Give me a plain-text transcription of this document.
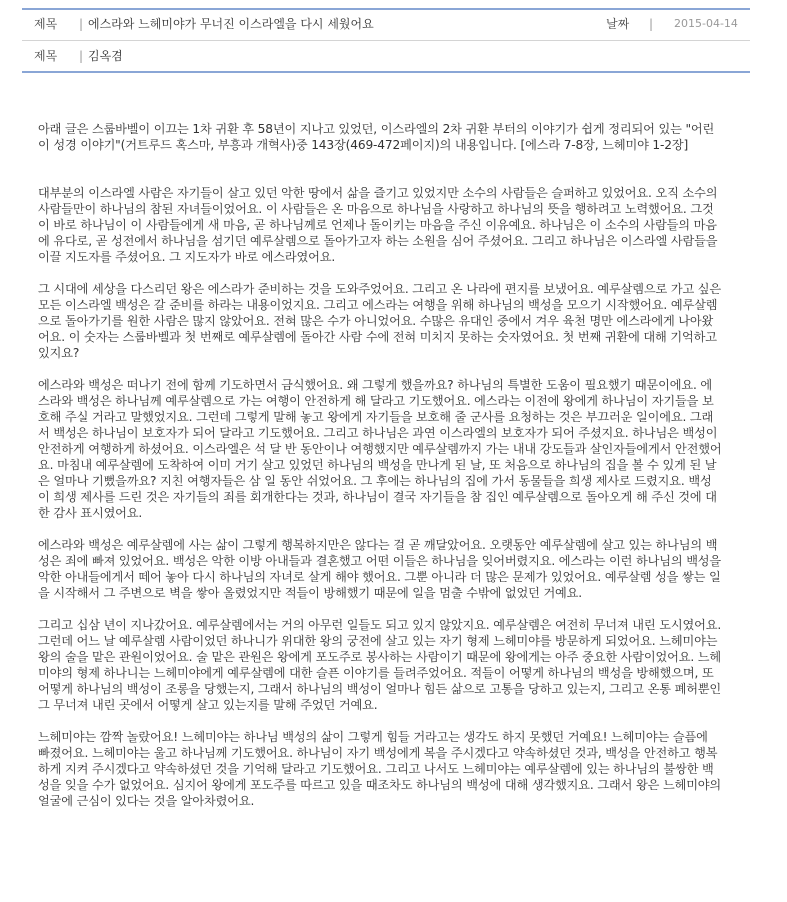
제목 | 에스라와 느헤미야가 무너진 이스라엘을 다시 세웠어요	날짜 | 2015-04-14
제목 | 김옥겸

아래 글은 스룹바벨이 이끄는 1차 귀환 후 58년이 지나고 있었던, 이스라엘의 2차 귀환 부터의 이야기가 쉽게 정리되어 있는 "어린이 성경 이야기"(거트루드 혹스마, 부흥과 개혁사)중 143장(469-472페이지)의 내용입니다. [에스라 7-8장, 느헤미야 1-2장]

대부분의 이스라엘 사람은 자기들이 살고 있던 악한 땅에서 삶을 즐기고 있었지만 소수의 사람들은 슬퍼하고 있었어요. 오직 소수의 사람들만이 하나님의 참된 자녀들이었어요. 이 사람들은 온 마음으로 하나님을 사랑하고 하나님의 뜻을 행하려고 노력했어요. 그것이 바로 하나님이 이 사람들에게 새 마음, 곧 하나님께로 언제나 돌이키는 마음을 주신 이유예요. 하나님은 이 소수의 사람들의 마음에 유다로, 곧 성전에서 하나님을 섬기던 예루살렘으로 돌아가고자 하는 소원을 심어 주셨어요. 그리고 하나님은 이스라엘 사람들을 이끌 지도자를 주셨어요. 그 지도자가 바로 에스라였어요.

그 시대에 세상을 다스리던 왕은 에스라가 준비하는 것을 도와주었어요. 그리고 온 나라에 편지를 보냈어요. 예루살렘으로 가고 싶은 모든 이스라엘 백성은 갈 준비를 하라는 내용이었지요. 그리고 에스라는 여행을 위해 하나님의 백성을 모으기 시작했어요. 예루살렘으로 돌아가기를 원한 사람은 많지 않았어요. 전혀 많은 수가 아니었어요. 수많은 유대인 중에서 겨우 육천 명만 에스라에게 나아왔어요. 이 숫자는 스룹바벨과 첫 번째로 예루살렘에 돌아간 사람 수에 전혀 미치지 못하는 숫자였어요. 첫 번째 귀환에 대해 기억하고 있지요?

에스라와 백성은 떠나기 전에 함께 기도하면서 금식했어요. 왜 그렇게 했을까요? 하나님의 특별한 도움이 필요했기 때문이에요. 에스라와 백성은 하나님께 예루살렘으로 가는 여행이 안전하게 해 달라고 기도했어요. 에스라는 이전에 왕에게 하나님이 자기들을 보호해 주실 거라고 말했었지요. 그런데 그렇게 말해 놓고 왕에게 자기들을 보호해 줄 군사를 요청하는 것은 부끄러운 일이에요. 그래서 백성은 하나님이 보호자가 되어 달라고 기도했어요. 그리고 하나님은 과연 이스라엘의 보호자가 되어 주셨지요. 하나님은 백성이 안전하게 여행하게 하셨어요. 이스라엘은 석 달 반 동안이나 여행했지만 예루살렘까지 가는 내내 강도들과 살인자들에게서 안전했어요. 마침내 예루살렘에 도착하여 이미 거기 살고 있었던 하나님의 백성을 만나게 된 날, 또 처음으로 하나님의 집을 볼 수 있게 된 날은 얼마나 기뻤을까요? 지친 여행자들은 삼 일 동안 쉬었어요. 그 후에는 하나님의 집에 가서 동물들을 희생 제사로 드렸지요. 백성이 희생 제사를 드린 것은 자기들의 죄를 회개한다는 것과, 하나님이 결국 자기들을 참 집인 예루살렘으로 돌아오게 해 주신 것에 대한 감사 표시였어요.

에스라와 백성은 예루살렘에 사는 삶이 그렇게 행복하지만은 않다는 걸 곧 깨달았어요. 오랫동안 예루살렘에 살고 있는 하나님의 백성은 죄에 빠져 있었어요. 백성은 악한 이방 아내들과 결혼했고 어떤 이들은 하나님을 잊어버렸지요. 에스라는 이런 하나님의 백성을 악한 아내들에게서 떼어 놓아 다시 하나님의 자녀로 살게 해야 했어요. 그뿐 아니라 더 많은 문제가 있었어요. 예루살렘 성을 쌓는 일을 시작해서 그 주변으로 벽을 쌓아 올렸었지만 적들이 방해했기 때문에 일을 멈출 수밖에 없었던 거예요.

그리고 십삼 년이 지나갔어요. 예루살렘에서는 거의 아무런 일들도 되고 있지 않았지요. 예루살렘은 여전히 무너져 내린 도시였어요. 그런데 어느 날 예루살렘 사람이었던 하나니가 위대한 왕의 궁전에 살고 있는 자기 형제 느헤미야를 방문하게 되었어요. 느헤미야는 왕의 술을 맡은 관원이었어요. 술 맡은 관원은 왕에게 포도주로 봉사하는 사람이기 때문에 왕에게는 아주 중요한 사람이었어요. 느헤미야의 형제 하나니는 느헤미야에게 예루살렘에 대한 슬픈 이야기를 들려주었어요. 적들이 어떻게 하나님의 백성을 방해했으며, 또 어떻게 하나님의 백성이 조롱을 당했는지, 그래서 하나님의 백성이 얼마나 힘든 삶으로 고통을 당하고 있는지, 그리고 온통 폐허뿐인 그 무너져 내린 곳에서 어떻게 살고 있는지를 말해 주었던 거예요.

느헤미야는 깜짝 놀랐어요! 느헤미야는 하나님 백성의 삶이 그렇게 힘들 거라고는 생각도 하지 못했던 거예요! 느헤미야는 슬픔에 빠졌어요. 느헤미야는 울고 하나님께 기도했어요. 하나님이 자기 백성에게 복을 주시겠다고 약속하셨던 것과, 백성을 안전하고 행복하게 지켜 주시겠다고 약속하셨던 것을 기억해 달라고 기도했어요. 그리고 나서도 느헤미야는 예루살렘에 있는 하나님의 불쌍한 백성을 잊을 수가 없었어요. 심지어 왕에게 포도주를 따르고 있을 때조차도 하나님의 백성에 대해 생각했지요. 그래서 왕은 느헤미야의 얼굴에 근심이 있다는 것을 알아차렸어요.
